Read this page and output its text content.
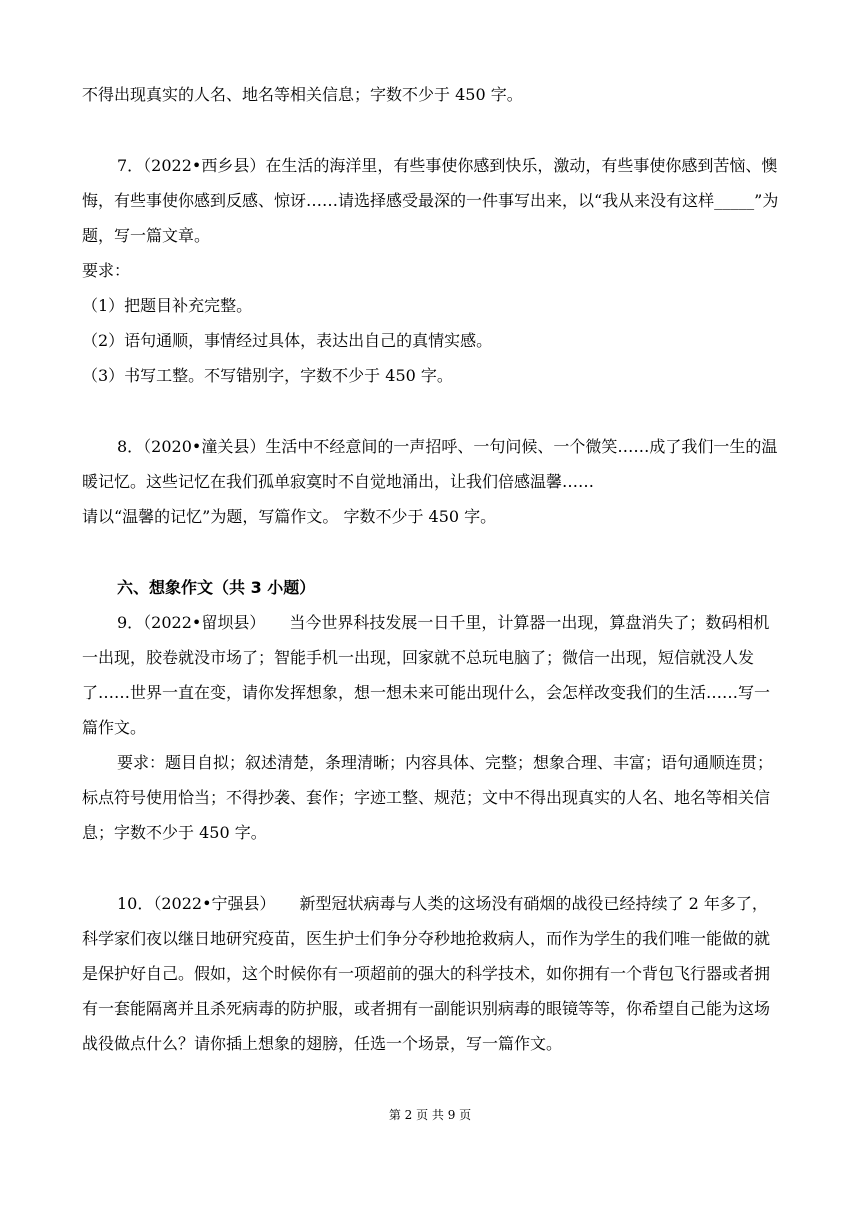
不得出现真实的人名、地名等相关信息；字数不少于 450 字。

7．（2022•西乡县）在生活的海洋里，有些事使你感到快乐，激动，有些事使你感到苦恼、懊悔，有些事使你感到反感、惊讶……请选择感受最深的一件事写出来，以“我从来没有这样_____”为题，写一篇文章。

要求：

（1）把题目补充完整。

（2）语句通顺，事情经过具体，表达出自己的真情实感。

（3）书写工整。不写错别字，字数不少于 450 字。

8．（2020•潼关县）生活中不经意间的一声招呼、一句问候、一个微笑……成了我们一生的温暖记忆。这些记忆在我们孤单寂寞时不自觉地涌出，让我们倍感温馨……

请以“温馨的记忆”为题，写篇作文。 字数不少于 450 字。

六、想象作文（共 3 小题）

9．（2022•留坝县）　　当今世界科技发展一日千里，计算器一出现，算盘消失了；数码相机一出现，胶卷就没市场了；智能手机一出现，回家就不总玩电脑了；微信一出现，短信就没人发了……世界一直在变，请你发挥想象，想一想未来可能出现什么，会怎样改变我们的生活……写一篇作文。

要求：题目自拟；叙述清楚，条理清晰；内容具体、完整；想象合理、丰富；语句通顺连贯；标点符号使用恰当；不得抄袭、套作；字迹工整、规范；文中不得出现真实的人名、地名等相关信息；字数不少于 450 字。

10．（2022•宁强县）　　新型冠状病毒与人类的这场没有硝烟的战役已经持续了 2 年多了，科学家们夜以继日地研究疫苗，医生护士们争分夺秒地抢救病人，而作为学生的我们唯一能做的就是保护好自己。假如，这个时候你有一项超前的强大的科学技术，如你拥有一个背包飞行器或者拥有一套能隔离并且杀死病毒的防护服，或者拥有一副能识别病毒的眼镜等等，你希望自己能为这场战役做点什么？请你插上想象的翅膀，任选一个场景，写一篇作文。

第 2 页 共 9 页
